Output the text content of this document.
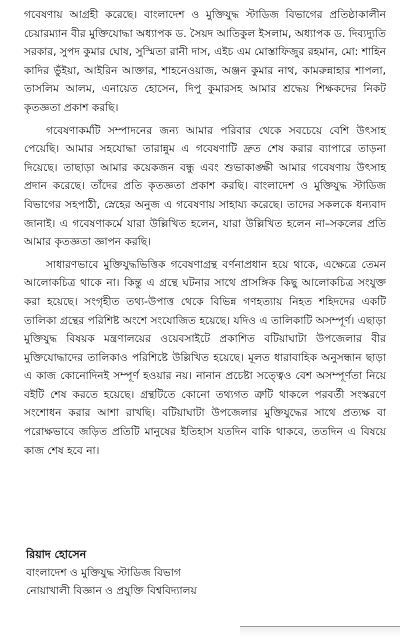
গবেষণায় আগ্রহী করেছে। বাংলাদেশ ও মুক্তিযুদ্ধ স্টাডিজ বিভাগের প্রতিষ্ঠাকালীন চেয়ারম্যান বীর মুক্তিযোদ্ধা অধ্যাপক ড. সৈয়দ আতিকুল ইসলাম, অধ্যাপক ড. দিব্যদ্যুতি সরকার, সুপদ কুমার ঘোষ, সুস্মিতা রানী দাস, এইচ এম মোস্তাফিজুর রহমান, মো: শাহিন কাদির ভুঁইয়া, আইরিন আক্তার, শাহনেওয়াজ, অঞ্জন কুমার নাথ, কামরুন্নাহার শাপলা, তাসলিম আলম, এনায়েত হোসেন, দিপু কুমারসহ আমার শ্রদ্ধেয় শিক্ষকদের নিকট কৃতজ্ঞতা প্রকাশ করছি।

গবেষণাকর্মটি সম্পাদনের জন্য আমার পরিবার থেকে সবচেয়ে বেশি উৎসাহ পেয়েছি। আমার সহযোদ্ধা তারান্নুম এ গবেষণাটি দ্রুত শেষ করার ব্যাপারে তাড়না দিয়েছে। তাছাড়া আমার কয়েকজন বন্ধু এবং শুভাকাঙ্ক্ষী আমার গবেষণায় উৎসাহ প্রদান করেছে। তাঁদের প্রতি কৃতজ্ঞতা প্রকাশ করছি। বাংলাদেশ ও মুক্তিযুদ্ধ স্টাডিজ বিভাগের সহপাঠী, স্নেহের অনুজ এ গবেষণায় সাহায্য করেছে। তাদের সকলকে ধন্যবাদ জানাই। এ গবেষণাকর্মে যারা উল্লিখিত হলেন, যারা উল্লিখিত হলেন না–সকলের প্রতি আমার কৃতজ্ঞতা জ্ঞাপন করছি।

সাধারণভাবে মুক্তিযুদ্ধভিত্তিক গবেষণাগ্রন্থ বর্ণনাপ্রধান হয়ে থাকে, এক্ষেত্রে তেমন আলোকচিত্র থাকে না। কিন্তু এ গ্রন্থে ঘটনার সাথে প্রাসঙ্গিক কিছু আলোকচিত্র সংযুক্ত করা হয়েছে। সংগৃহীত তথ্য-উপাত্ত থেকে বিভিন্ন গণহত্যায় নিহত শহিদদের একটি তালিকা গ্রন্থের পরিশিষ্ট অংশে সংযোজিত হয়েছে। যদিও এ তালিকাটি অসম্পূর্ণ। এছাড়া মুক্তিযুদ্ধ বিষয়ক মন্ত্রণালয়ের ওয়েবসাইটে প্রকাশিত বটিয়াঘাটা উপজেলার বীর মুক্তিযোদ্ধাদের তালিকাও পরিশিষ্টে উল্লিখিত হয়েছে। মূলত ধারাবাহিক অনুসন্ধান ছাড়া এ কাজ কোনোদিনই সম্পূর্ণ হওয়ার নয়। নানান প্রচেষ্টা সত্ত্বেও বেশ অসম্পূর্ণতা নিয়ে বইটি শেষ করতে হয়েছে। গ্রন্থটিতে কোনো তথ্যগত ত্রুটি থাকলে পরবর্তী সংস্করণে সংশোধন করার আশা রাখছি। বটিয়াঘাটা উপজেলার মুক্তিযুদ্ধের সাথে প্রত্যক্ষ বা পরোক্ষভাবে জড়িত প্রতিটি মানুষের ইতিহাস যতদিন বাকি থাকবে, ততদিন এ বিষয়ে কাজ শেষ হবে না।

রিয়াদ হোসেন
বাংলাদেশ ও মুক্তিযুদ্ধ স্টাডিজ বিভাগ
নোয়াখালী বিজ্ঞান ও প্রযুক্তি বিশ্ববিদ্যালয়
